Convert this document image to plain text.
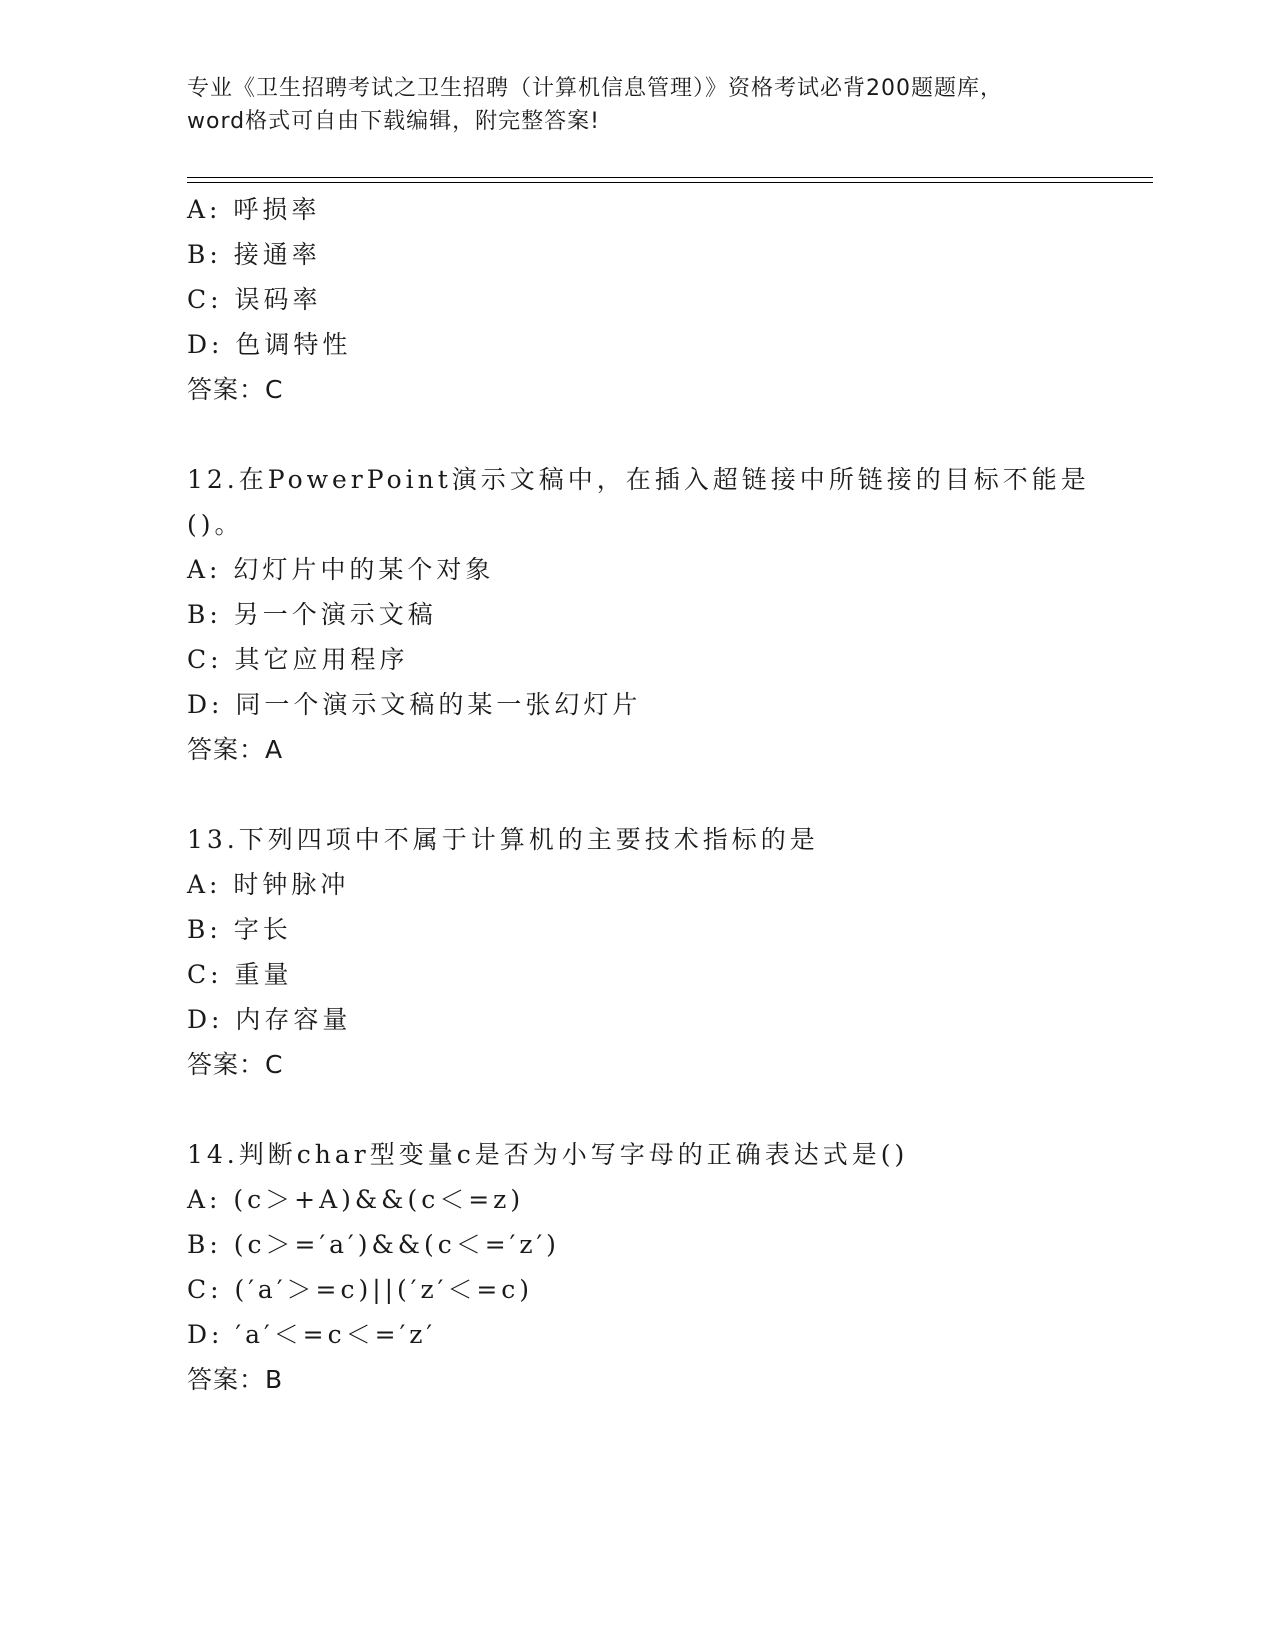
专业《卫生招聘考试之卫生招聘（计算机信息管理）》资格考试必背200题题库，
word格式可自由下载编辑，附完整答案!
A: 呼损率
B: 接通率
C: 误码率
D: 色调特性
答案：C
12.在PowerPoint演示文稿中，在插入超链接中所链接的目标不能是
()。
A: 幻灯片中的某个对象
B: 另一个演示文稿
C: 其它应用程序
D: 同一个演示文稿的某一张幻灯片
答案：A
13.下列四项中不属于计算机的主要技术指标的是
A: 时钟脉冲
B: 字长
C: 重量
D: 内存容量
答案：C
14.判断char型变量c是否为小写字母的正确表达式是()
A: (c＞+A)&&(c＜=z)
B: (c＞=′a′)&&(c＜=′z′)
C: (′a′＞=c)||(′z′＜=c)
D: ′a′＜=c＜=′z′
答案：B
